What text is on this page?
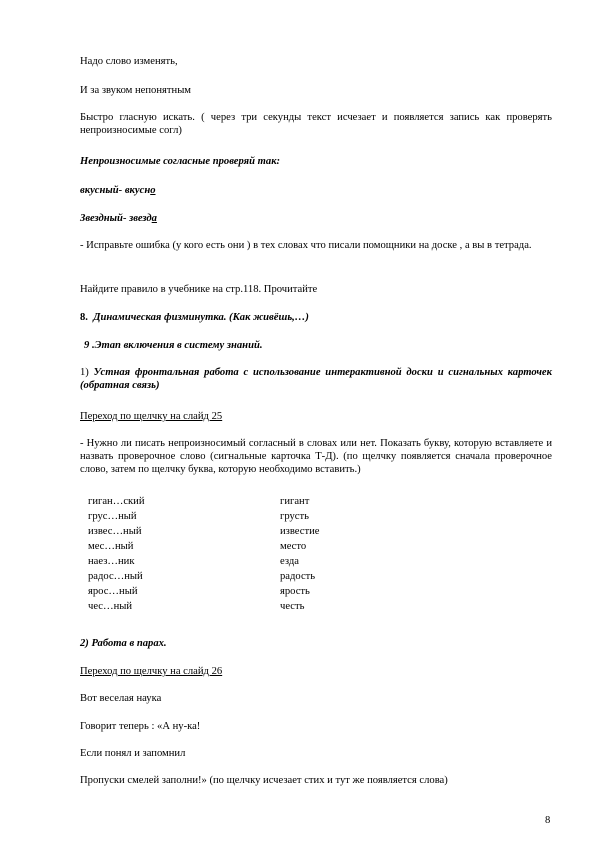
Надо слово изменять,

И за звуком непонятным

Быстро гласную искать. ( через три секунды текст исчезает и появляется запись как проверять непроизносимые согл)

Непроизносимые согласные проверяй так:

вкусный- вкусно

Звездный- звезда

- Исправьте ошибка (у кого есть они ) в тех словах что писали помощники на доске , а вы в тетрада.

Найдите правило в учебнике на стр.118. Прочитайте

8. Динамическая физминутка. (Как живёшь,…)

9 .Этап включения в систему знаний.

1) Устная фронтальная работа с использование интерактивной доски и сигнальных карточек (обратная связь)

Переход по щелчку на слайд 25

- Нужно ли писать непроизносимый согласный в словах или нет. Показать букву, которую вставляете и назвать проверочное слово (сигнальные карточка Т-Д). (по щелчку появляется сначала проверочное слово, затем по щелчку буква, которую необходимо вставить.)

гиган…ский	гигант
грус…ный	грусть
извес…ный	известие
мес…ный	место
наез…ник	езда
радос…ный	радость
ярос…ный	ярость
чес…ный	честь

2) Работа в парах.

Переход по щелчку на слайд 26

Вот веселая наука

Говорит теперь : «А ну-ка!

Если понял и запомнил

Пропуски смелей заполни!» (по щелчку исчезает стих и тут же появляется слова)

8
